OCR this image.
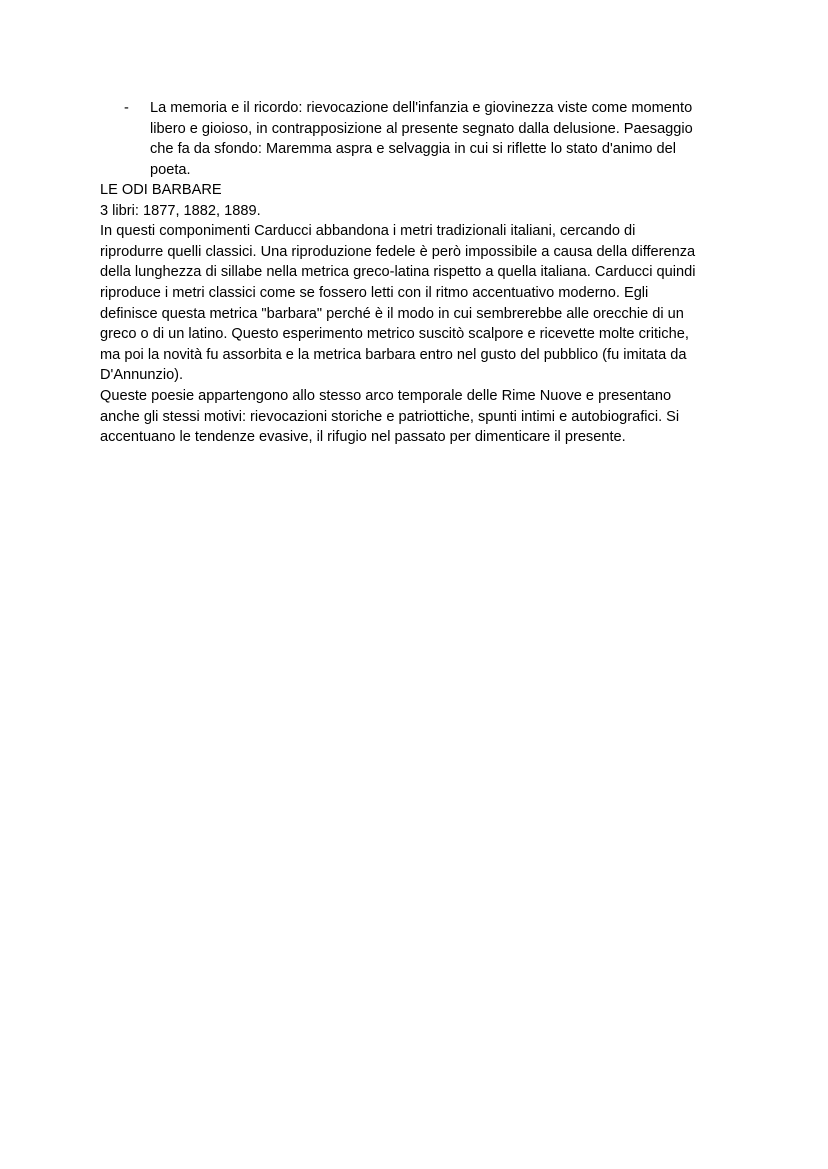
-	La memoria e il ricordo: rievocazione dell'infanzia e giovinezza viste come momento
libero e gioioso, in contrapposizione al presente segnato dalla delusione. Paesaggio
che fa da sfondo: Maremma aspra e selvaggia in cui si riflette lo stato d'animo del
poeta.
LE ODI BARBARE
3 libri: 1877, 1882, 1889.
In questi componimenti Carducci abbandona i metri tradizionali italiani, cercando di
riprodurre quelli classici. Una riproduzione fedele è però impossibile a causa della differenza
della lunghezza di sillabe nella metrica greco-latina rispetto a quella italiana. Carducci quindi
riproduce i metri classici come se fossero letti con il ritmo accentuativo moderno. Egli
definisce questa metrica "barbara" perché è il modo in cui sembrerebbe alle orecchie di un
greco o di un latino. Questo esperimento metrico suscitò scalpore e ricevette molte critiche,
ma poi la novità fu assorbita e la metrica barbara entro nel gusto del pubblico (fu imitata da
D'Annunzio).
Queste poesie appartengono allo stesso arco temporale delle Rime Nuove e presentano
anche gli stessi motivi: rievocazioni storiche e patriottiche, spunti intimi e autobiografici. Si
accentuano le tendenze evasive, il rifugio nel passato per dimenticare il presente.
